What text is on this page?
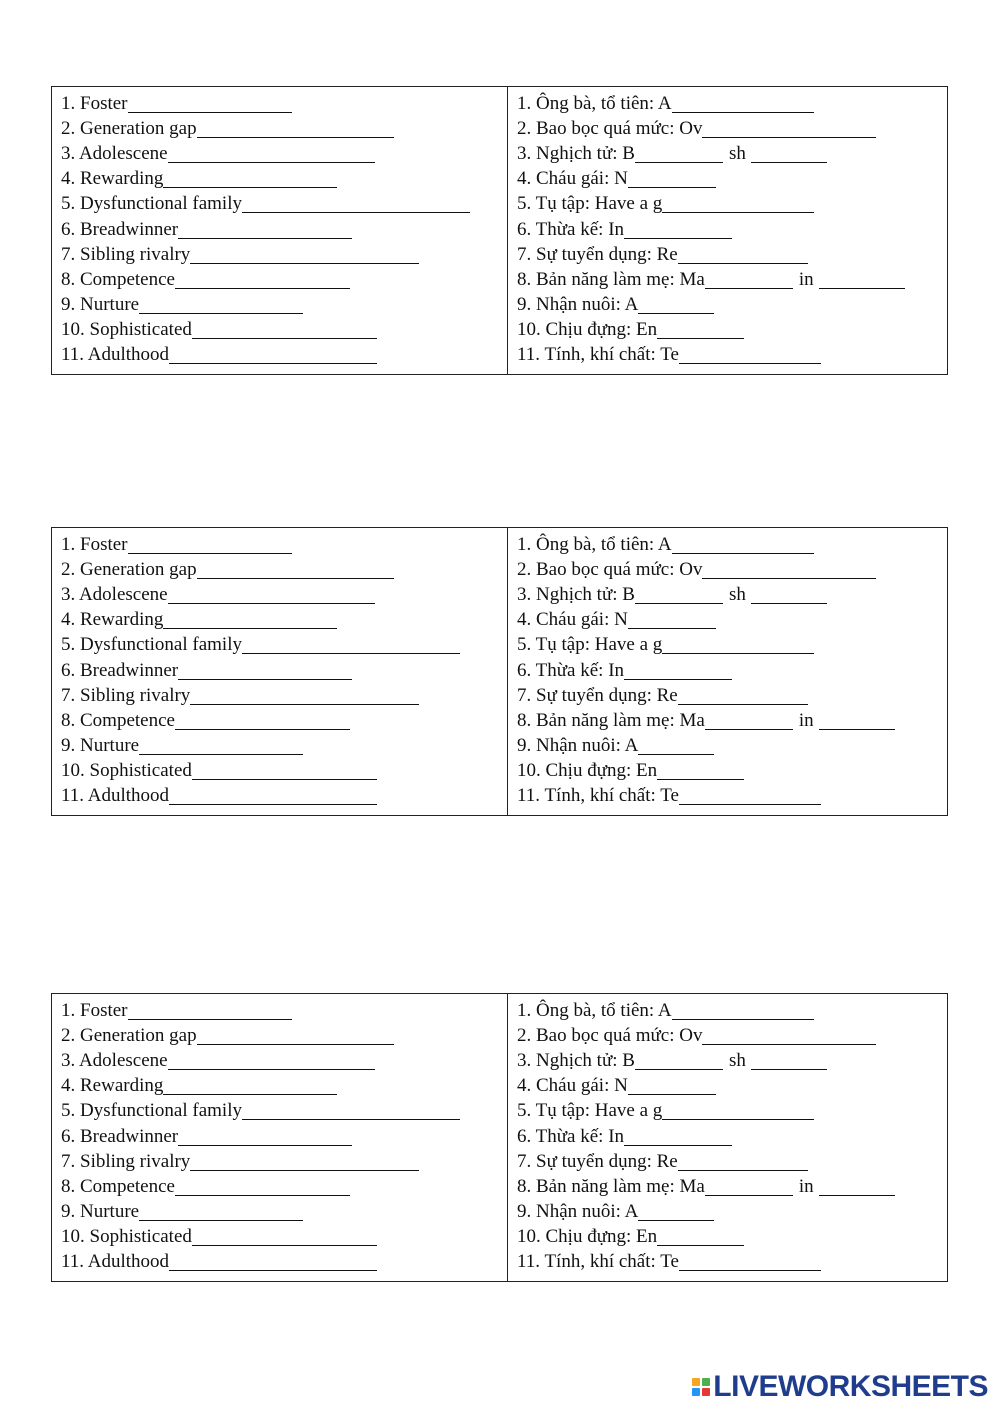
1. Foster
2. Generation gap
3. Adolescene
4. Rewarding
5. Dysfunctional family
6. Breadwinner
7. Sibling rivalry
8. Competence
9. Nurture
10. Sophisticated
11. Adulthood
1. Ông bà, tổ tiên: A
2. Bao bọc quá mức: Ov
3. Nghịch tử: B	sh
4. Cháu gái: N
5. Tụ tập: Have a g
6. Thừa kế: In
7. Sự tuyển dụng: Re
8. Bản năng làm mẹ: Ma	in
9. Nhận nuôi: A
10. Chịu đựng: En
11. Tính, khí chất: Te
1. Foster
2. Generation gap
3. Adolescene
4. Rewarding
5. Dysfunctional family
6. Breadwinner
7. Sibling rivalry
8. Competence
9. Nurture
10. Sophisticated
11. Adulthood
1. Ông bà, tổ tiên: A
2. Bao bọc quá mức: Ov
3. Nghịch tử: B	sh
4. Cháu gái: N
5. Tụ tập: Have a g
6. Thừa kế: In
7. Sự tuyển dụng: Re
8. Bản năng làm mẹ: Ma	in
9. Nhận nuôi: A
10. Chịu đựng: En
11. Tính, khí chất: Te
1. Foster
2. Generation gap
3. Adolescene
4. Rewarding
5. Dysfunctional family
6. Breadwinner
7. Sibling rivalry
8. Competence
9. Nurture
10. Sophisticated
11. Adulthood
1. Ông bà, tổ tiên: A
2. Bao bọc quá mức: Ov
3. Nghịch tử: B	sh
4. Cháu gái: N
5. Tụ tập: Have a g
6. Thừa kế: In
7. Sự tuyển dụng: Re
8. Bản năng làm mẹ: Ma	in
9. Nhận nuôi: A
10. Chịu đựng: En
11. Tính, khí chất: Te
LIVEWORKSHEETS
